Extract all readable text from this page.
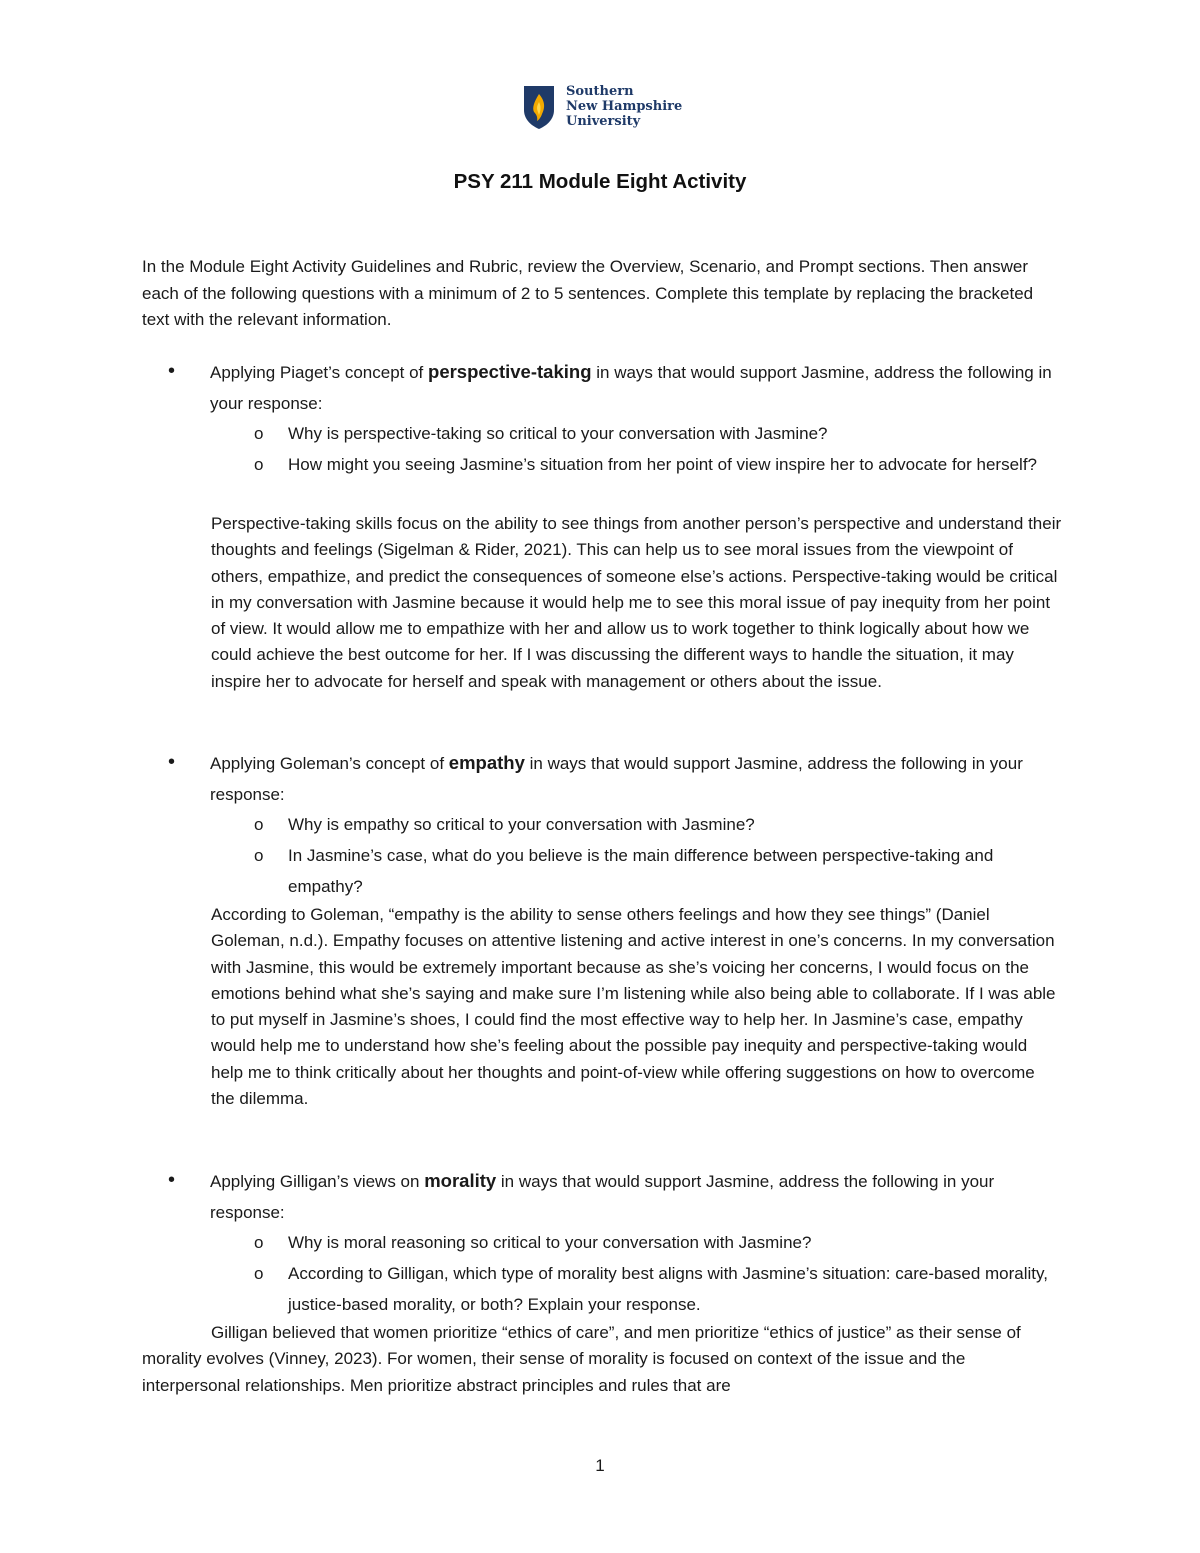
Southern
New Hampshire
University
PSY 211 Module Eight Activity
In the Module Eight Activity Guidelines and Rubric, review the Overview, Scenario, and Prompt sections. Then answer each of the following questions with a minimum of 2 to 5 sentences. Complete this template by replacing the bracketed text with the relevant information.
• Applying Piaget’s concept of perspective-taking in ways that would support Jasmine, address the following in your response:
o Why is perspective-taking so critical to your conversation with Jasmine?
o How might you seeing Jasmine’s situation from her point of view inspire her to advocate for herself?
Perspective-taking skills focus on the ability to see things from another person’s perspective and understand their thoughts and feelings (Sigelman & Rider, 2021). This can help us to see moral issues from the viewpoint of others, empathize, and predict the consequences of someone else’s actions. Perspective-taking would be critical in my conversation with Jasmine because it would help me to see this moral issue of pay inequity from her point of view. It would allow me to empathize with her and allow us to work together to think logically about how we could achieve the best outcome for her. If I was discussing the different ways to handle the situation, it may inspire her to advocate for herself and speak with management or others about the issue.
• Applying Goleman’s concept of empathy in ways that would support Jasmine, address the following in your response:
o Why is empathy so critical to your conversation with Jasmine?
o In Jasmine’s case, what do you believe is the main difference between perspective-taking and empathy?
According to Goleman, “empathy is the ability to sense others feelings and how they see things” (Daniel Goleman, n.d.). Empathy focuses on attentive listening and active interest in one’s concerns. In my conversation with Jasmine, this would be extremely important because as she’s voicing her concerns, I would focus on the emotions behind what she’s saying and make sure I’m listening while also being able to collaborate. If I was able to put myself in Jasmine’s shoes, I could find the most effective way to help her. In Jasmine’s case, empathy would help me to understand how she’s feeling about the possible pay inequity and perspective-taking would help me to think critically about her thoughts and point-of-view while offering suggestions on how to overcome the dilemma.
• Applying Gilligan’s views on morality in ways that would support Jasmine, address the following in your response:
o Why is moral reasoning so critical to your conversation with Jasmine?
o According to Gilligan, which type of morality best aligns with Jasmine’s situation: care-based morality, justice-based morality, or both? Explain your response.
Gilligan believed that women prioritize “ethics of care”, and men prioritize “ethics of justice” as their sense of morality evolves (Vinney, 2023). For women, their sense of morality is focused on context of the issue and the interpersonal relationships. Men prioritize abstract principles and rules that are
1
